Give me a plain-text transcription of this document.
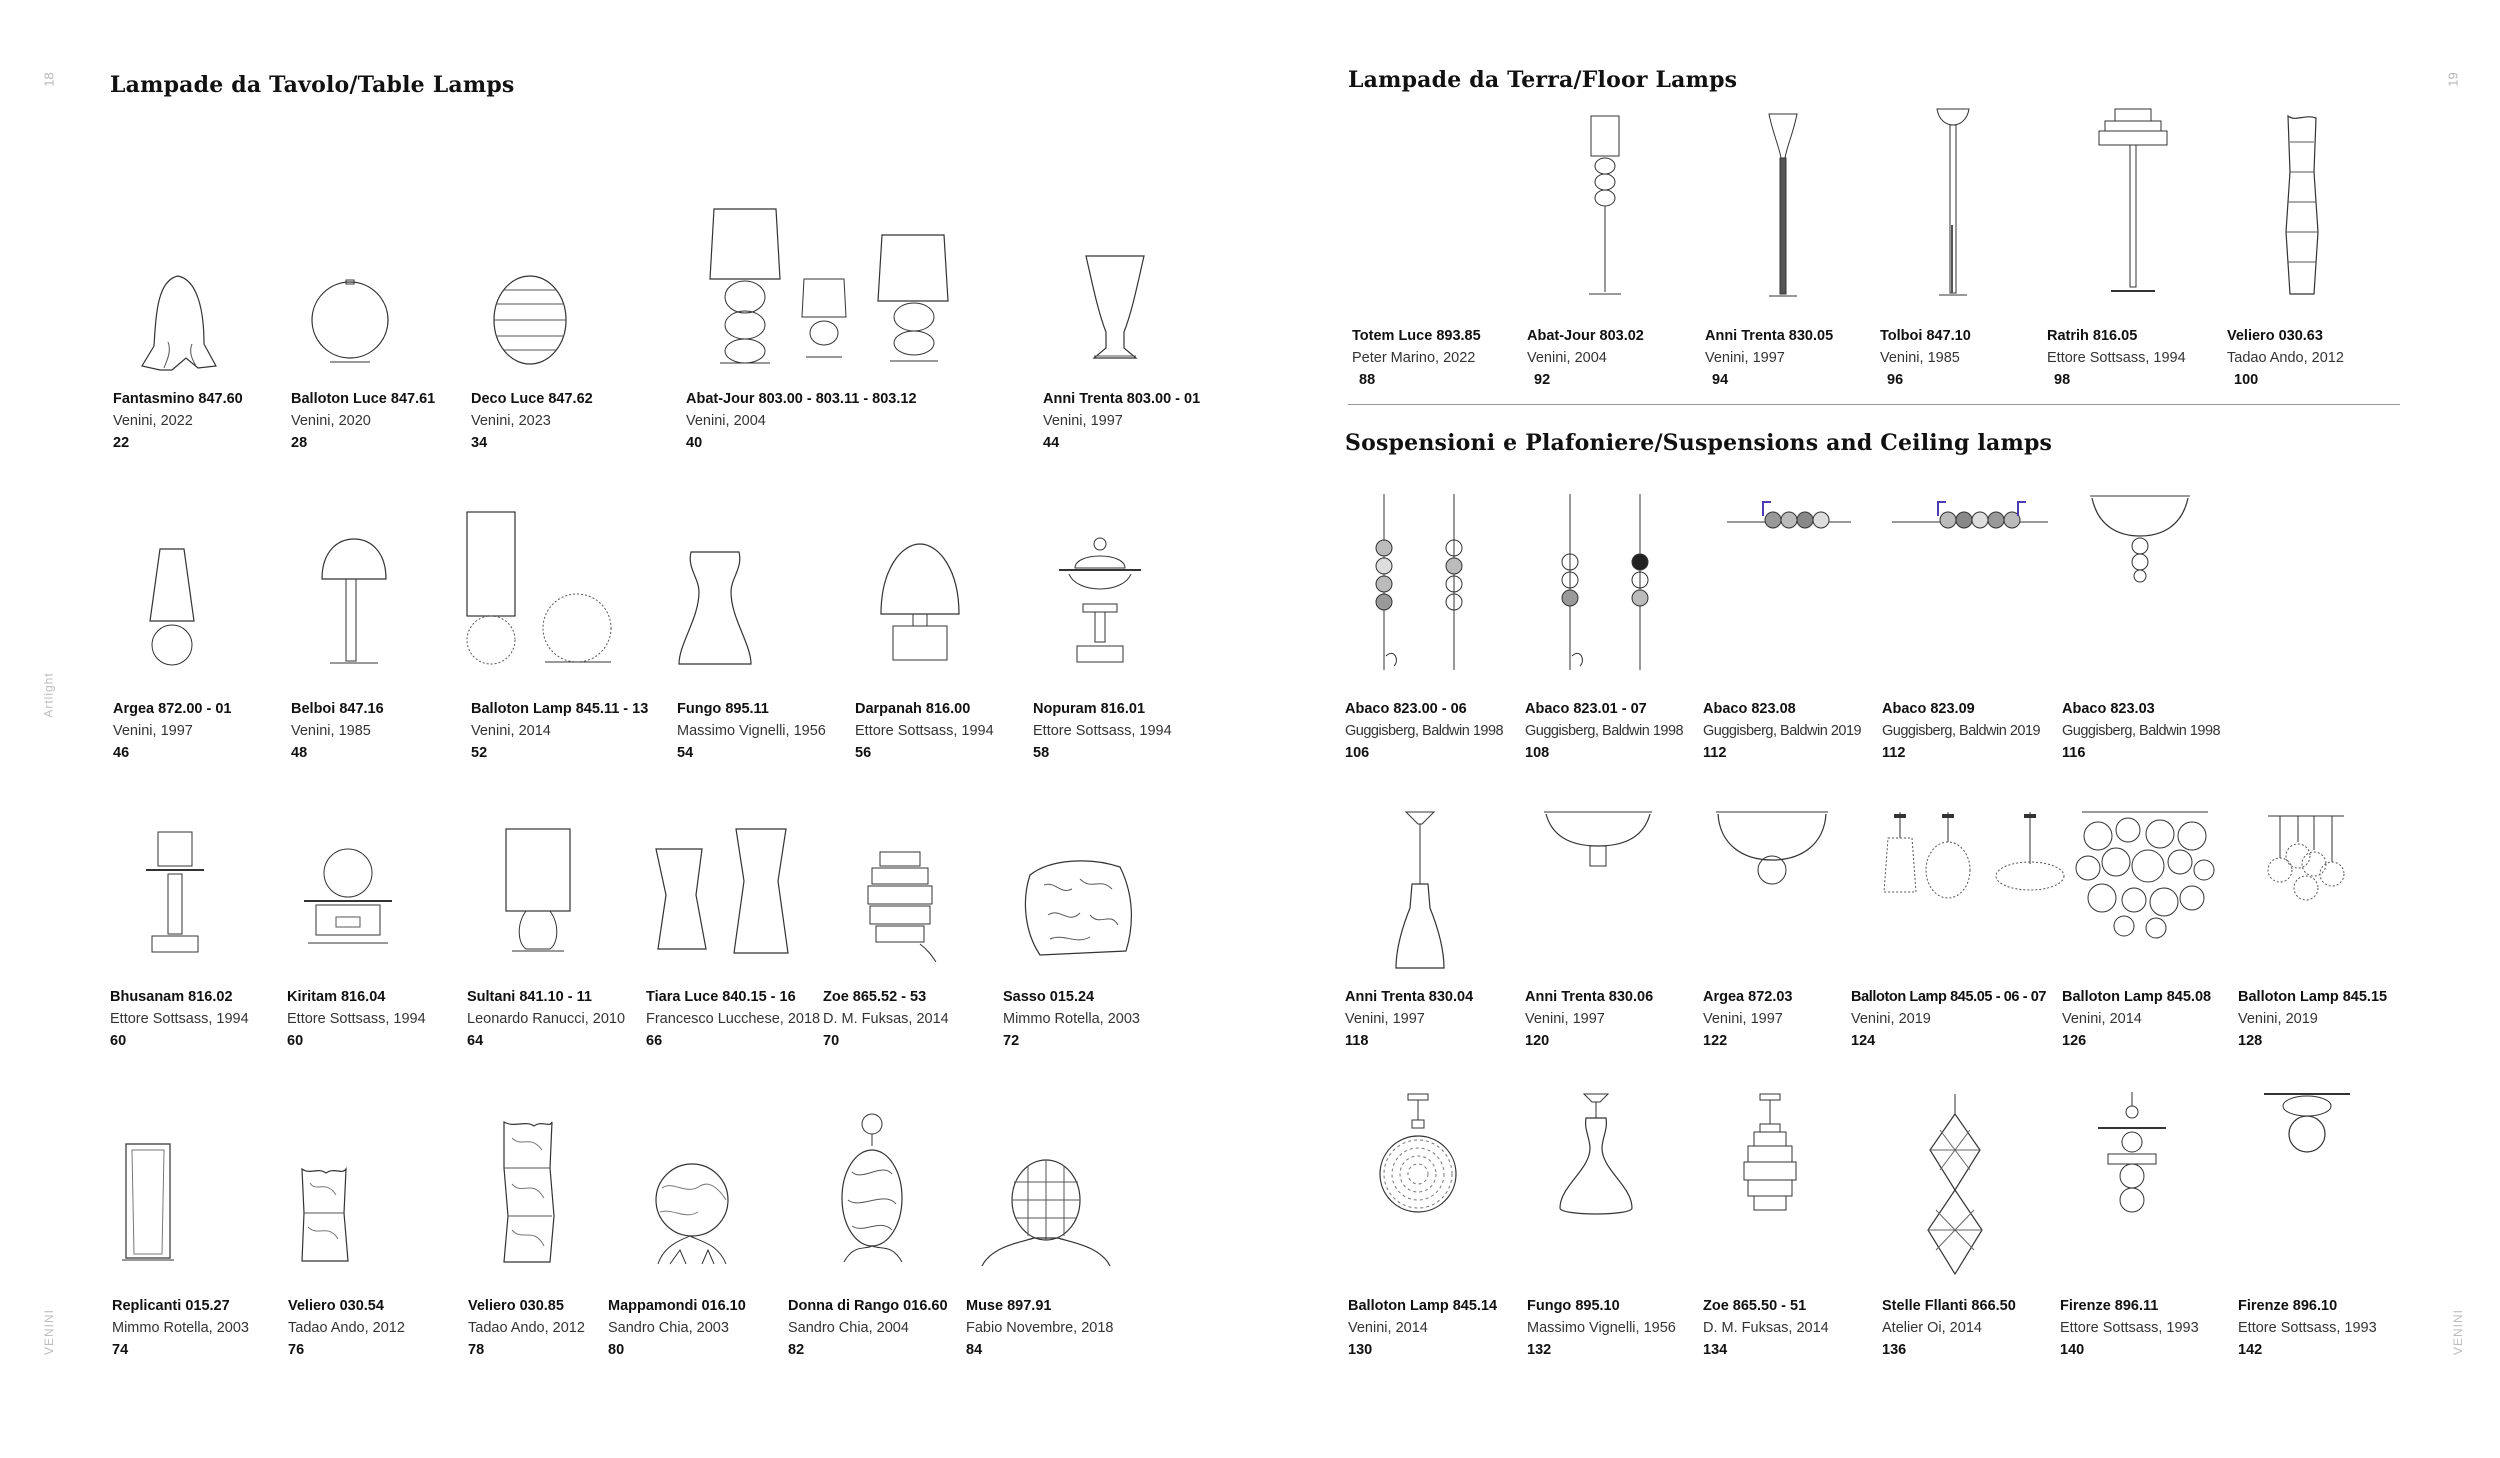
18	19
Artlight
VENINI	VENINI
Lampade da Tavolo/Table Lamps	Lampade da Terra/Floor Lamps
Sospensioni e Plafoniere/Suspensions and Ceiling lamps
Fantasmino 847.60
Venini, 2022
22
Balloton Luce 847.61
Venini, 2020
28
Deco Luce 847.62
Venini, 2023
34
Abat-Jour 803.00 - 803.11 - 803.12
Venini, 2004
40
Anni Trenta 803.00 - 01
Venini, 1997
44
Argea 872.00 - 01
Venini, 1997
46
Belboi 847.16
Venini, 1985
48
Balloton Lamp 845.11 - 13
Venini, 2014
52
Fungo 895.11
Massimo Vignelli, 1956
54
Darpanah 816.00
Ettore Sottsass, 1994
56
Nopuram 816.01
Ettore Sottsass, 1994
58
Bhusanam 816.02
Ettore Sottsass, 1994
60
Kiritam 816.04
Ettore Sottsass, 1994
60
Sultani 841.10 - 11
Leonardo Ranucci, 2010
64
Tiara Luce 840.15 - 16
Francesco Lucchese, 2018
66
Zoe 865.52 - 53
D. M. Fuksas, 2014
70
Sasso 015.24
Mimmo Rotella, 2003
72
Replicanti 015.27
Mimmo Rotella, 2003
74
Veliero 030.54
Tadao Ando, 2012
76
Veliero 030.85
Tadao Ando, 2012
78
Mappamondi 016.10
Sandro Chia, 2003
80
Donna di Rango 016.60
Sandro Chia, 2004
82
Muse 897.91
Fabio Novembre, 2018
84
Totem Luce 893.85
Peter Marino, 2022
88
Abat-Jour 803.02
Venini, 2004
92
Anni Trenta 830.05
Venini, 1997
94
Tolboi 847.10
Venini, 1985
96
Ratrih 816.05
Ettore Sottsass, 1994
98
Veliero 030.63
Tadao Ando, 2012
100
Abaco 823.00 - 06
Guggisberg, Baldwin 1998
106
Abaco 823.01 - 07
Guggisberg, Baldwin 1998
108
Abaco 823.08
Guggisberg, Baldwin 2019
112
Abaco 823.09
Guggisberg, Baldwin 2019
112
Abaco 823.03
Guggisberg, Baldwin 1998
116
Anni Trenta 830.04
Venini, 1997
118
Anni Trenta 830.06
Venini, 1997
120
Argea 872.03
Venini, 1997
122
Balloton Lamp 845.05 - 06 - 07
Venini, 2019
124
Balloton Lamp 845.08
Venini, 2014
126
Balloton Lamp 845.15
Venini, 2019
128
Balloton Lamp 845.14
Venini, 2014
130
Fungo 895.10
Massimo Vignelli, 1956
132
Zoe 865.50 - 51
D. M. Fuksas, 2014
134
Stelle Fllanti 866.50
Atelier Oi, 2014
136
Firenze 896.11
Ettore Sottsass, 1993
140
Firenze 896.10
Ettore Sottsass, 1993
142
